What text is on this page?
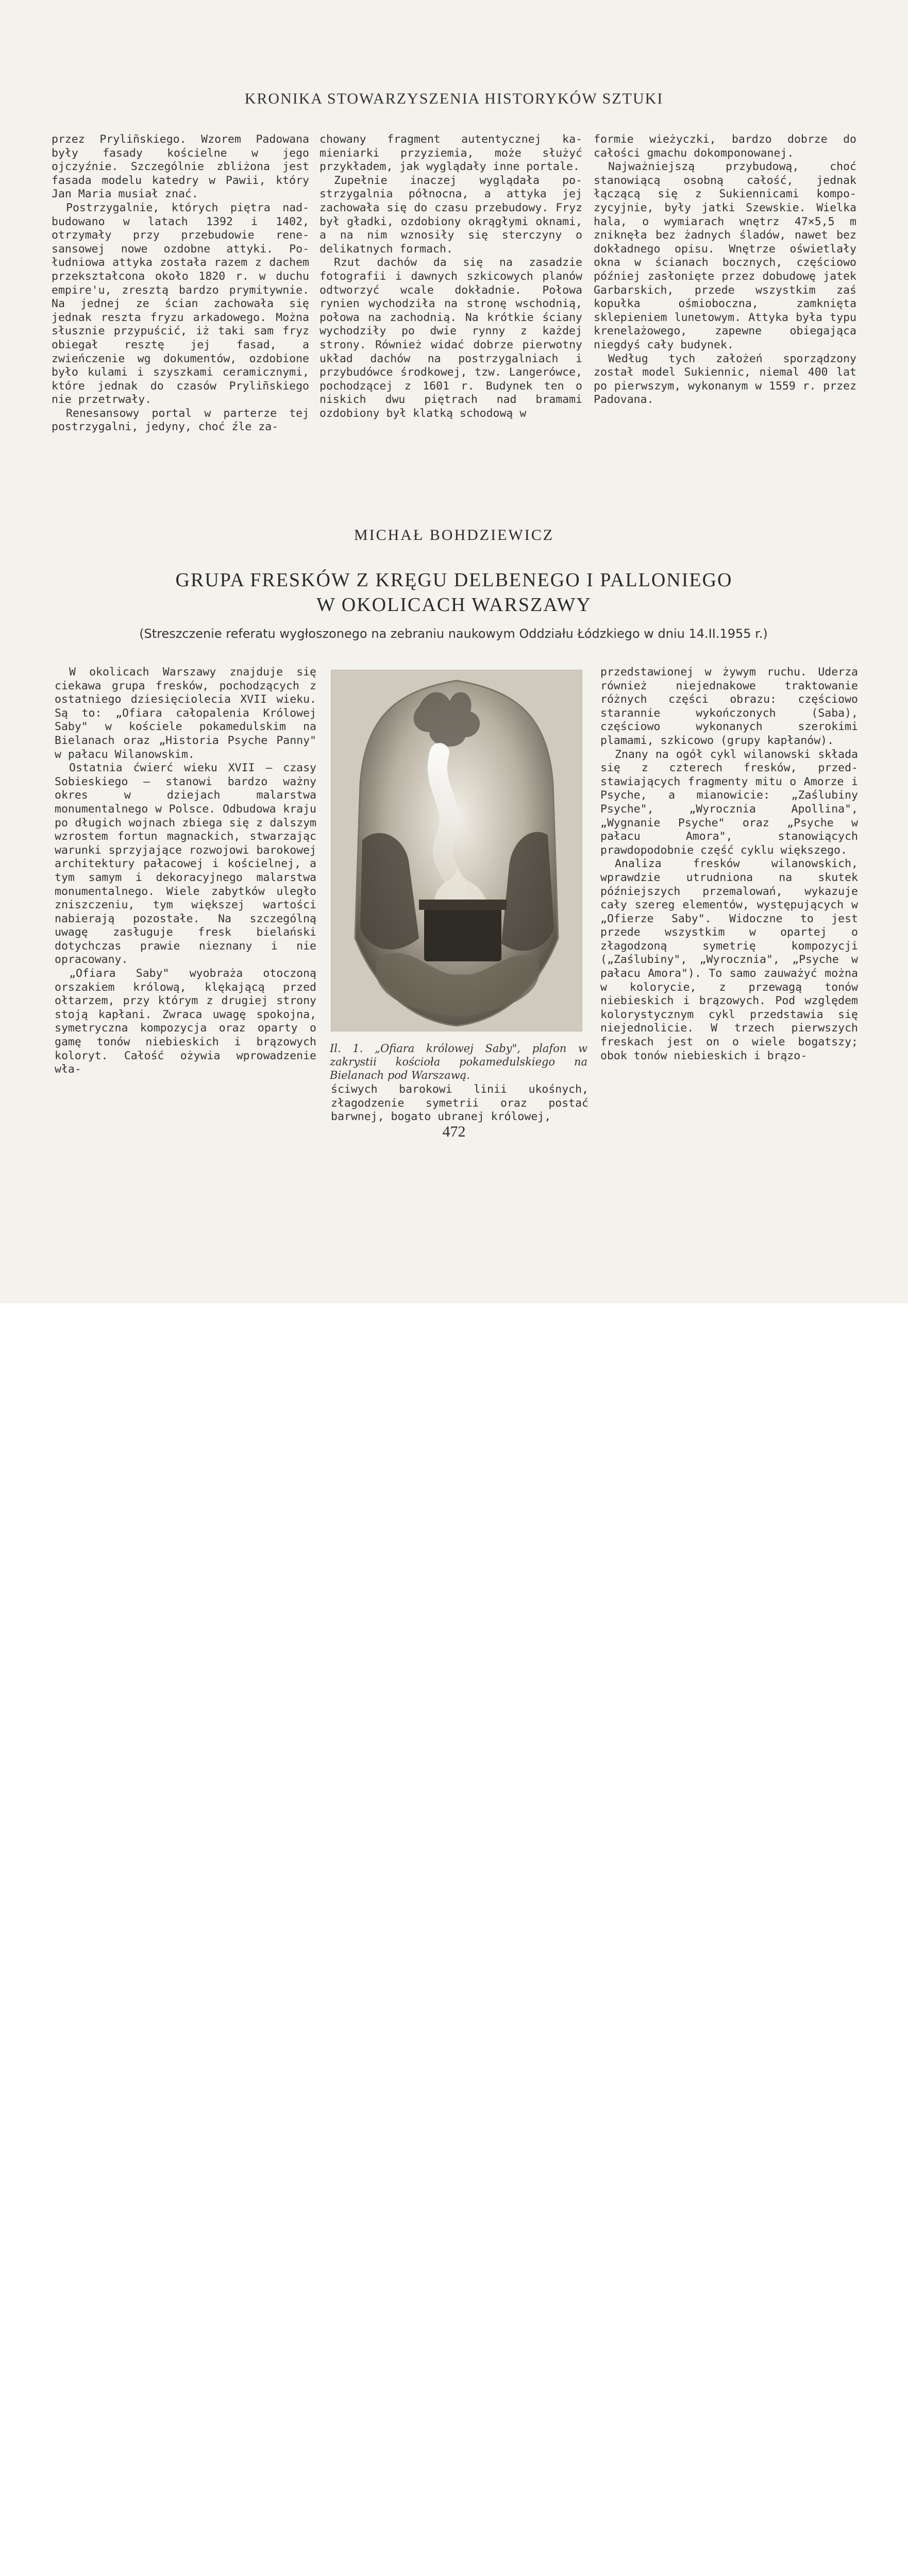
KRONIKA STOWARZYSZENIA HISTORYKÓW SZTUKI

przez Pryliñskiego. Wzorem Padowana były fasady kościelne w jego ojczyźnie. Szczególnie zbliżona jest fasada modelu katedry w Pawii, który Jan Maria musiał znać.

Postrzygalnie, których piętra nadbudowano w latach 1392 i 1402, otrzymały przy przebudowie renesansowej nowe ozdobne attyki. Południowa attyka została razem z dachem przekształcona około 1820 r. w duchu empire'u, zresztą bardzo prymitywnie. Na jednej ze ścian zachowała się jednak reszta fryzu arkadowego. Można słusznie przypuścić, iż taki sam fryz obiegał resztę jej fasad, a zwieńczenie wg dokumentów, ozdobione było kulami i szyszkami ceramicznymi, które jednak do czasów Pryliñskiego nie przetrwały.

Renesansowy portal w parterze tej postrzygalni, jedyny, choć źle za-

chowany fragment autentycznej kamieniarki przyziemia, może służyć przykładem, jak wyglądały inne portale.

Zupełnie inaczej wyglądała postrzygalnia północna, a attyka jej zachowała się do czasu przebudowy. Fryz był gładki, ozdobiony okrągłymi oknami, a na nim wznosiły się sterczyny o delikatnych formach.

Rzut dachów da się na zasadzie fotografii i dawnych szkicowych planów odtworzyć wcale dokładnie. Połowa rynien wychodziła na stronę wschodnią, połowa na zachodnią. Na krótkie ściany wychodziły po dwie rynny z każdej strony. Również widać dobrze pierwotny układ dachów na postrzygalniach i przybudówce środkowej, tzw. Langerówce, pochodzącej z 1601 r. Budynek ten o niskich dwu piętrach nad bramami ozdobiony był klatką schodową w

formie wieżyczki, bardzo dobrze do całości gmachu dokomponowanej.

Najważniejszą przybudową, choć stanowiącą osobną całość, jednak łączącą się z Sukiennicami kompozycyjnie, były jatki Szewskie. Wielka hala, o wymiarach wnętrz 47×5,5 m zniknęła bez żadnych śladów, nawet bez dokładnego opisu. Wnętrze oświetlały okna w ścianach bocznych, częściowo później zasłonięte przez dobudowę jatek Garbarskich, przede wszystkim zaś kopułka ośmioboczna, zamknięta sklepieniem lunetowym. Attyka była typu krenelażowego, zapewne obiegająca niegdyś cały budynek.

Według tych założeń sporządzony został model Sukiennic, niemal 400 lat po pierwszym, wykonanym w 1559 r. przez Padovana.

MICHAŁ BOHDZIEWICZ
GRUPA FRESKÓW Z KRĘGU DELBENEGO I PALLONIEGO
W OKOLICACH WARSZAWY
(Streszczenie referatu wygłoszonego na zebraniu naukowym Oddziału Łódzkiego w dniu 14.II.1955 r.)

W okolicach Warszawy znajduje się ciekawa grupa fresków, pochodzących z ostatniego dziesięciolecia XVII wieku. Są to: „Ofiara całopalenia Królowej Saby" w kościele pokamedulskim na Bielanach oraz „Historia Psyche Panny" w pałacu Wilanowskim.

Ostatnia ćwierć wieku XVII — czasy Sobieskiego — stanowi bardzo ważny okres w dziejach malarstwa monumentalnego w Polsce. Odbudowa kraju po długich wojnach zbiega się z dalszym wzrostem fortun magnackich, stwarzając warunki sprzyjające rozwojowi barokowej architektury pałacowej i kościelnej, a tym samym i dekoracyjnego malarstwa monumentalnego. Wiele zabytków uległo zniszczeniu, tym większej wartości nabierają pozostałe. Na szczególną uwagę zasługuje fresk bielański dotychczas prawie nieznany i nie opracowany.

„Ofiara Saby" wyobraża otoczoną orszakiem królową, klękającą przed ołtarzem, przy którym z drugiej strony stoją kapłani. Zwraca uwagę spokojna, symetryczna kompozycja oraz oparty o gamę tonów niebieskich i brązowych koloryt. Całość ożywia wprowadzenie wła-

Il. 1. „Ofiara królowej Saby", plafon w zakrystii kościoła pokamedulskiego na Bielanach pod Warszawą.

ściwych barokowi linii ukośnych, złagodzenie symetrii oraz postać barwnej, bogato ubranej królowej,

przedstawionej w żywym ruchu. Uderza również niejednakowe traktowanie różnych części obrazu: częściowo starannie wykończonych (Saba), częściowo wykonanych szerokimi plamami, szkicowo (grupy kapłanów).

Znany na ogół cykl wilanowski składa się z czterech fresków, przedstawiających fragmenty mitu o Amorze i Psyche, a mianowicie: „Zaślubiny Psyche", „Wyrocznia Apollina", „Wygnanie Psyche" oraz „Psyche w pałacu Amora", stanowiących prawdopodobnie część cyklu większego.

Analiza fresków wilanowskich, wprawdzie utrudniona na skutek późniejszych przemalowań, wykazuje cały szereg elementów, występujących w „Ofierze Saby". Widoczne to jest przede wszystkim w opartej o złagodzoną symetrię kompozycji („Zaślubiny", „Wyrocznia", „Psyche w pałacu Amora"). To samo zauważyć można w kolorycie, z przewagą tonów niebieskich i brązowych. Pod względem kolorystycznym cykl przedstawia się niejednolicie. W trzech pierwszych freskach jest on o wiele bogatszy; obok tonów niebieskich i brązo-

472
